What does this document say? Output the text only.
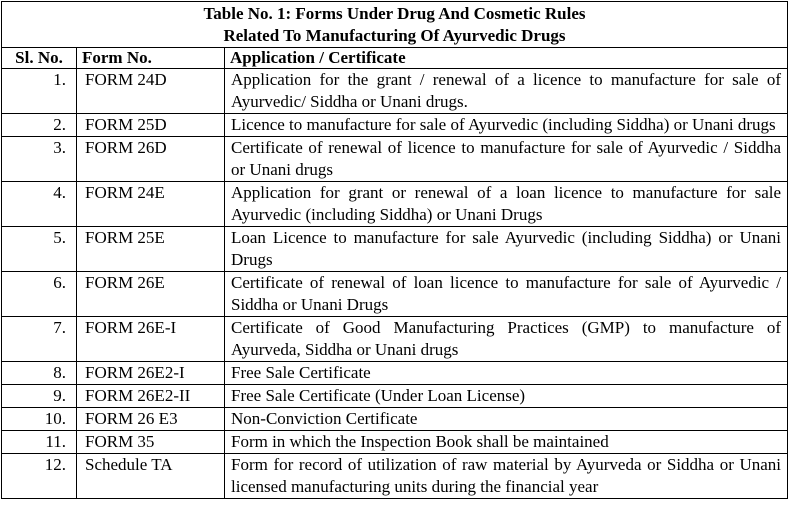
Table No. 1: Forms Under Drug And Cosmetic Rules
Related To Manufacturing Of Ayurvedic Drugs		

Sl. No.	Form No.	Application / Certificate
1.	FORM 24D	Application for the grant / renewal of a licence to manufacture for sale of Ayurvedic/ Siddha or Unani drugs.
2.	FORM 25D	Licence to manufacture for sale of Ayurvedic (including Siddha) or Unani drugs
3.	FORM 26D	Certificate of renewal of licence to manufacture for sale of Ayurvedic / Siddha or Unani drugs
4.	FORM 24E	Application for grant or renewal of a loan licence to manufacture for sale Ayurvedic (including Siddha) or Unani Drugs
5.	FORM 25E	Loan Licence to manufacture for sale Ayurvedic (including Siddha) or Unani Drugs
6.	FORM 26E	Certificate of renewal of loan licence to manufacture for sale of Ayurvedic / Siddha or Unani Drugs
7.	FORM 26E-I	Certificate of Good Manufacturing Practices (GMP) to manufacture of Ayurveda, Siddha or Unani drugs
8.	FORM 26E2-I	Free Sale Certificate
9.	FORM 26E2-II	Free Sale Certificate (Under Loan License)
10.	FORM 26 E3	Non-Conviction Certificate
11.	FORM 35	Form in which the Inspection Book shall be maintained
12.	Schedule TA	Form for record of utilization of raw material by Ayurveda or Siddha or Unani licensed manufacturing units during the financial year
